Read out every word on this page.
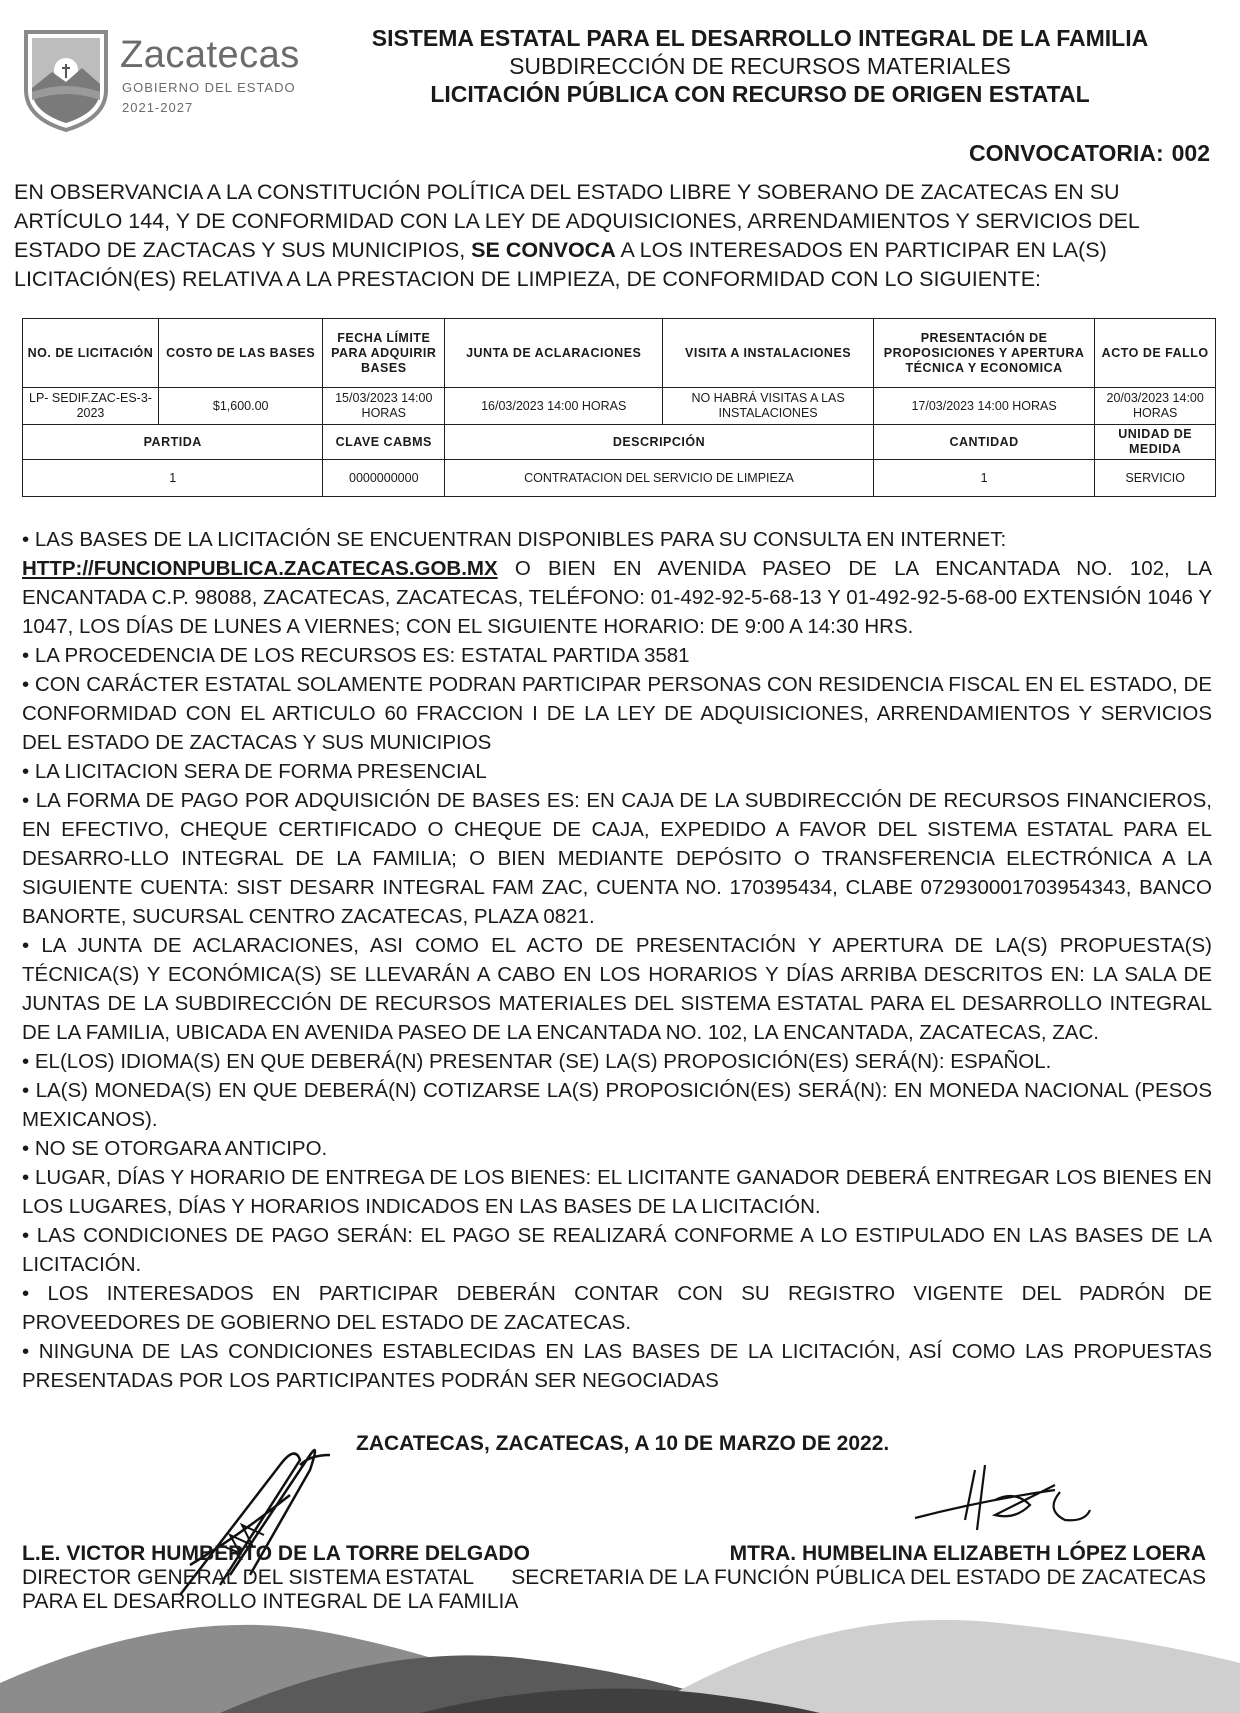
Zacatecas
GOBIERNO DEL ESTADO
2021-2027
SISTEMA ESTATAL PARA EL DESARROLLO INTEGRAL DE LA FAMILIA
SUBDIRECCIÓN DE RECURSOS MATERIALES
LICITACIÓN PÚBLICA CON RECURSO DE ORIGEN ESTATAL
CONVOCATORIA: 002
EN OBSERVANCIA A LA CONSTITUCIÓN POLÍTICA DEL ESTADO LIBRE Y SOBERANO DE ZACATECAS EN SU ARTÍCULO 144, Y DE CONFORMIDAD CON LA LEY DE ADQUISICIONES, ARRENDAMIENTOS Y SERVICIOS DEL ESTADO DE ZACTACAS Y SUS MUNICIPIOS, SE CONVOCA A LOS INTERESADOS EN PARTICIPAR EN LA(S) LICITACIÓN(ES) RELATIVA A LA PRESTACION DE LIMPIEZA, DE CONFORMIDAD CON LO SIGUIENTE:
NO. DE LICITACIÓN	COSTO DE LAS BASES	FECHA LÍMITE PARA ADQUIRIR BASES	JUNTA DE ACLARACIONES	VISITA A INSTALACIONES	PRESENTACIÓN DE PROPOSICIONES Y APERTURA TÉCNICA Y ECONOMICA	ACTO DE FALLO
LP- SEDIF.ZAC-ES-3-2023	$1,600.00	15/03/2023 14:00 HORAS	16/03/2023 14:00 HORAS	NO HABRÁ VISITAS A LAS INSTALACIONES	17/03/2023 14:00 HORAS	20/03/2023 14:00 HORAS
PARTIDA		CLAVE CABMS	DESCRIPCIÓN		CANTIDAD	UNIDAD DE MEDIDA
1		0000000000	CONTRATACION DEL SERVICIO DE LIMPIEZA		1	SERVICIO

• LAS BASES DE LA LICITACIÓN SE ENCUENTRAN DISPONIBLES PARA SU CONSULTA EN INTERNET:
HTTP://FUNCIONPUBLICA.ZACATECAS.GOB.MX O BIEN EN AVENIDA PASEO DE LA ENCANTADA NO. 102, LA ENCANTADA C.P. 98088, ZACATECAS, ZACATECAS, TELÉFONO: 01-492-92-5-68-13 Y 01-492-92-5-68-00 EXTENSIÓN 1046 Y 1047, LOS DÍAS DE LUNES A VIERNES; CON EL SIGUIENTE HORARIO: DE 9:00 A 14:30 HRS.

• LA PROCEDENCIA DE LOS RECURSOS ES: ESTATAL PARTIDA 3581

• CON CARÁCTER ESTATAL SOLAMENTE PODRAN PARTICIPAR PERSONAS CON RESIDENCIA FISCAL EN EL ESTADO, DE CONFORMIDAD CON EL ARTICULO 60 FRACCION I DE LA LEY DE ADQUISICIONES, ARRENDAMIENTOS Y SERVICIOS DEL ESTADO DE ZACTACAS Y SUS MUNICIPIOS

• LA LICITACION SERA DE FORMA PRESENCIAL

• LA FORMA DE PAGO POR ADQUISICIÓN DE BASES ES: EN CAJA DE LA SUBDIRECCIÓN DE RECURSOS FINANCIEROS, EN EFECTIVO, CHEQUE CERTIFICADO O CHEQUE DE CAJA, EXPEDIDO A FAVOR DEL SISTEMA ESTATAL PARA EL DESARRO-LLO INTEGRAL DE LA FAMILIA; O BIEN MEDIANTE DEPÓSITO O TRANSFERENCIA ELECTRÓNICA A LA SIGUIENTE CUENTA: SIST DESARR INTEGRAL FAM ZAC, CUENTA NO. 170395434, CLABE 072930001703954343, BANCO BANORTE, SUCURSAL CENTRO ZACATECAS, PLAZA 0821.

• LA JUNTA DE ACLARACIONES, ASI COMO EL ACTO DE PRESENTACIÓN Y APERTURA DE LA(S) PROPUESTA(S) TÉCNICA(S) Y ECONÓMICA(S) SE LLEVARÁN A CABO EN LOS HORARIOS Y DÍAS ARRIBA DESCRITOS EN: LA SALA DE JUNTAS DE LA SUBDIRECCIÓN DE RECURSOS MATERIALES DEL SISTEMA ESTATAL PARA EL DESARROLLO INTEGRAL DE LA FAMILIA, UBICADA EN AVENIDA PASEO DE LA ENCANTADA NO. 102, LA ENCANTADA, ZACATECAS, ZAC.

• EL(LOS) IDIOMA(S) EN QUE DEBERÁ(N) PRESENTAR (SE) LA(S) PROPOSICIÓN(ES) SERÁ(N): ESPAÑOL.

• LA(S) MONEDA(S) EN QUE DEBERÁ(N) COTIZARSE LA(S) PROPOSICIÓN(ES) SERÁ(N): EN MONEDA NACIONAL (PESOS MEXICANOS).

• NO SE OTORGARA ANTICIPO.

• LUGAR, DÍAS Y HORARIO DE ENTREGA DE LOS BIENES: EL LICITANTE GANADOR DEBERÁ ENTREGAR LOS BIENES EN LOS LUGARES, DÍAS Y HORARIOS INDICADOS EN LAS BASES DE LA LICITACIÓN.

• LAS CONDICIONES DE PAGO SERÁN: EL PAGO SE REALIZARÁ CONFORME A LO ESTIPULADO EN LAS BASES DE LA LICITACIÓN.

• LOS INTERESADOS EN PARTICIPAR DEBERÁN CONTAR CON SU REGISTRO VIGENTE DEL PADRÓN DE PROVEEDORES DE GOBIERNO DEL ESTADO DE ZACATECAS.

• NINGUNA DE LAS CONDICIONES ESTABLECIDAS EN LAS BASES DE LA LICITACIÓN, ASÍ COMO LAS PROPUESTAS PRESENTADAS POR LOS PARTICIPANTES PODRÁN SER NEGOCIADAS

ZACATECAS, ZACATECAS, A 10 DE MARZO DE 2022.
L.E. VICTOR HUMBERTO DE LA TORRE DELGADO
DIRECTOR GENERAL DEL SISTEMA ESTATAL
PARA EL DESARROLLO INTEGRAL DE LA FAMILIA
MTRA. HUMBELINA ELIZABETH LÓPEZ LOERA
SECRETARIA DE LA FUNCIÓN PÚBLICA DEL ESTADO DE ZACATECAS
